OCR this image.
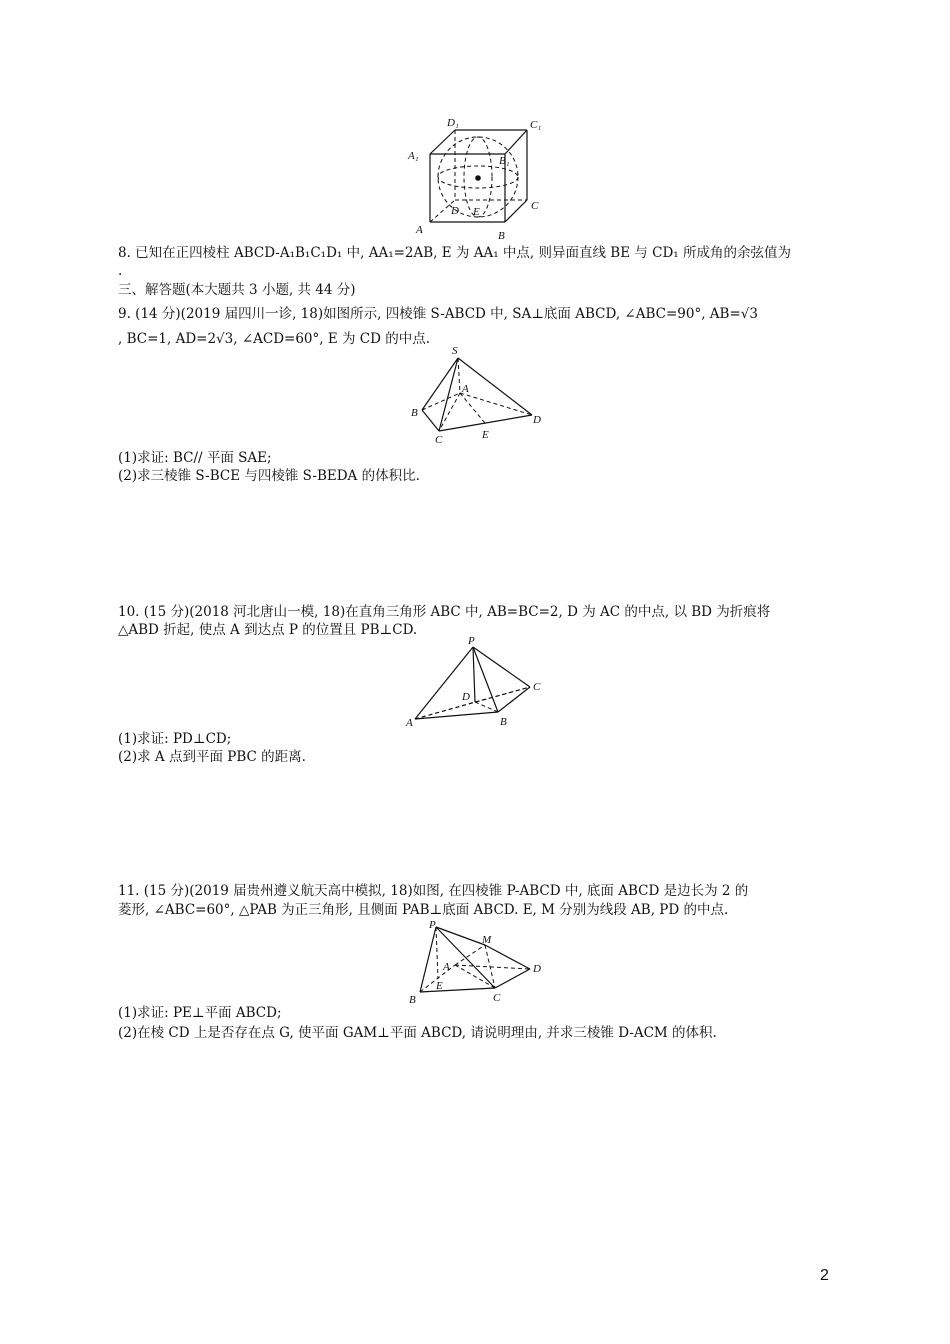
D₁	C₁
A₁	B₁
D E	C
A	B
8. 已知在正四棱柱 ABCD-A₁B₁C₁D₁ 中, AA₁=2AB, E 为 AA₁ 中点, 则异面直线 BE 与 CD₁ 所成角的余弦值为
.
三、解答题(本大题共 3 小题, 共 44 分)
9. (14 分)(2019 届四川一诊, 18)如图所示, 四棱锥 S-ABCD 中, SA⊥底面 ABCD, ∠ABC=90°, AB=√3
, BC=1, AD=2√3, ∠ACD=60°, E 为 CD 的中点.
S
A
B
C	E
D
(1)求证: BC// 平面 SAE;
(2)求三棱锥 S-BCE 与四棱锥 S-BEDA 的体积比.
10. (15 分)(2018 河北唐山一模, 18)在直角三角形 ABC 中, AB=BC=2, D 为 AC 的中点, 以 BD 为折痕将
△ABD 折起, 使点 A 到达点 P 的位置且 PB⊥CD.
P
D
C
A	B
(1)求证: PD⊥CD;
(2)求 A 点到平面 PBC 的距离.
11. (15 分)(2019 届贵州遵义航天高中模拟, 18)如图, 在四棱锥 P-ABCD 中, 底面 ABCD 是边长为 2 的
菱形, ∠ABC=60°, △PAB 为正三角形, 且侧面 PAB⊥底面 ABCD. E, M 分别为线段 AB, PD 的中点.
P
M
A	D
B
E
C
(1)求证: PE⊥平面 ABCD;
(2)在棱 CD 上是否存在点 G, 使平面 GAM⊥平面 ABCD, 请说明理由, 并求三棱锥 D-ACM 的体积.
2
